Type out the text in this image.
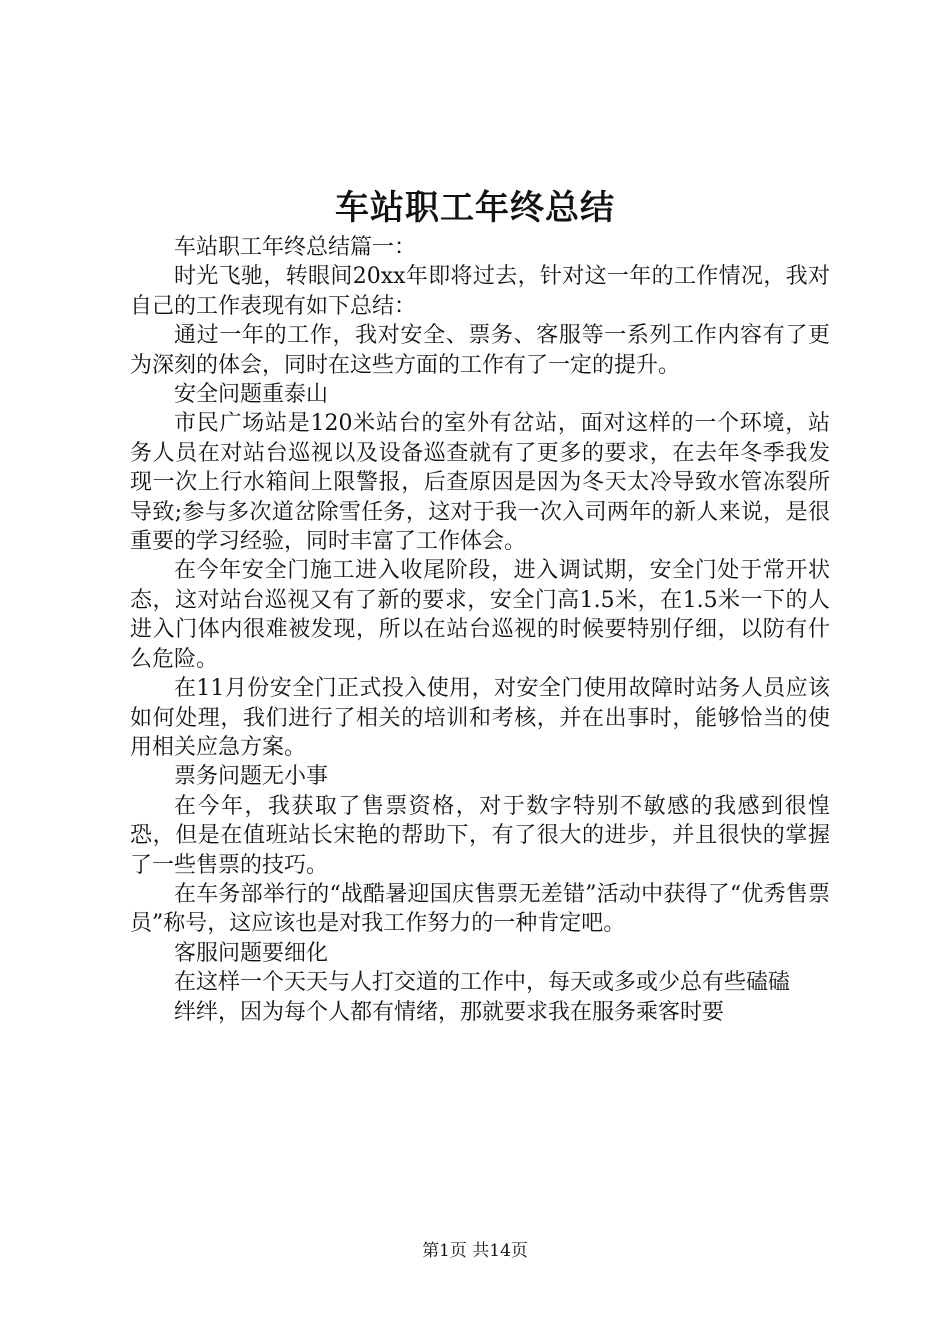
车站职工年终总结

车站职工年终总结篇一：

时光飞驰，转眼间20xx年即将过去，针对这一年的工作情况，我对自己的工作表现有如下总结：

通过一年的工作，我对安全、票务、客服等一系列工作内容有了更为深刻的体会，同时在这些方面的工作有了一定的提升。

安全问题重泰山

市民广场站是120米站台的室外有岔站，面对这样的一个环境，站务人员在对站台巡视以及设备巡查就有了更多的要求，在去年冬季我发现一次上行水箱间上限警报，后查原因是因为冬天太冷导致水管冻裂所导致;参与多次道岔除雪任务，这对于我一次入司两年的新人来说，是很重要的学习经验，同时丰富了工作体会。

在今年安全门施工进入收尾阶段，进入调试期，安全门处于常开状态，这对站台巡视又有了新的要求，安全门高1.5米，在1.5米一下的人进入门体内很难被发现，所以在站台巡视的时候要特别仔细，以防有什么危险。

在11月份安全门正式投入使用，对安全门使用故障时站务人员应该如何处理，我们进行了相关的培训和考核，并在出事时，能够恰当的使用相关应急方案。

票务问题无小事

在今年，我获取了售票资格，对于数字特别不敏感的我感到很惶恐，但是在值班站长宋艳的帮助下，有了很大的进步，并且很快的掌握了一些售票的技巧。

在车务部举行的“战酷暑迎国庆售票无差错”活动中获得了“优秀售票员”称号，这应该也是对我工作努力的一种肯定吧。

客服问题要细化

在这样一个天天与人打交道的工作中，每天或多或少总有些磕磕

绊绊，因为每个人都有情绪，那就要求我在服务乘客时要

第1页 共14页
